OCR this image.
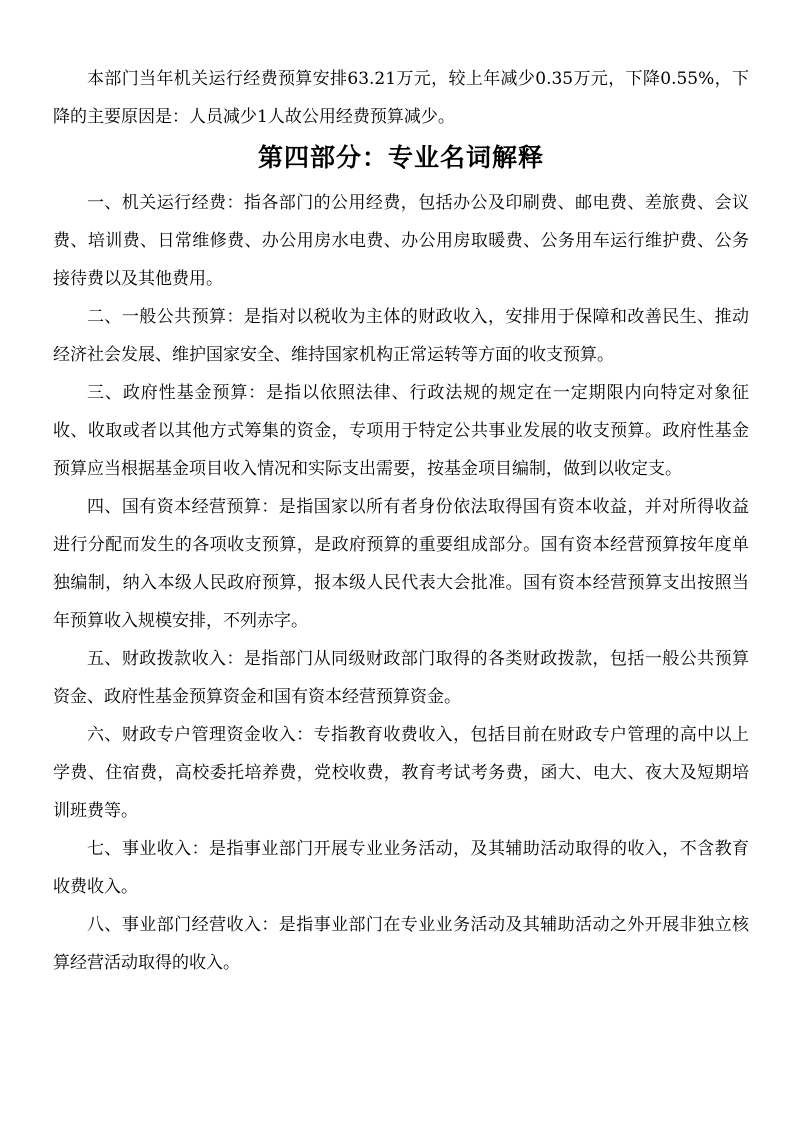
本部门当年机关运行经费预算安排63.21万元，较上年减少0.35万元，下降0.55%，下降的主要原因是：人员减少1人故公用经费预算减少。

第四部分：专业名词解释

一、机关运行经费：指各部门的公用经费，包括办公及印刷费、邮电费、差旅费、会议费、培训费、日常维修费、办公用房水电费、办公用房取暖费、公务用车运行维护费、公务接待费以及其他费用。

二、一般公共预算：是指对以税收为主体的财政收入，安排用于保障和改善民生、推动经济社会发展、维护国家安全、维持国家机构正常运转等方面的收支预算。

三、政府性基金预算：是指以依照法律、行政法规的规定在一定期限内向特定对象征收、收取或者以其他方式筹集的资金，专项用于特定公共事业发展的收支预算。政府性基金预算应当根据基金项目收入情况和实际支出需要，按基金项目编制，做到以收定支。

四、国有资本经营预算：是指国家以所有者身份依法取得国有资本收益，并对所得收益进行分配而发生的各项收支预算，是政府预算的重要组成部分。国有资本经营预算按年度单独编制，纳入本级人民政府预算，报本级人民代表大会批准。国有资本经营预算支出按照当年预算收入规模安排，不列赤字。

五、财政拨款收入：是指部门从同级财政部门取得的各类财政拨款，包括一般公共预算资金、政府性基金预算资金和国有资本经营预算资金。

六、财政专户管理资金收入：专指教育收费收入，包括目前在财政专户管理的高中以上学费、住宿费，高校委托培养费，党校收费，教育考试考务费，函大、电大、夜大及短期培训班费等。

七、事业收入：是指事业部门开展专业业务活动，及其辅助活动取得的收入，不含教育收费收入。

八、事业部门经营收入：是指事业部门在专业业务活动及其辅助活动之外开展非独立核算经营活动取得的收入。
